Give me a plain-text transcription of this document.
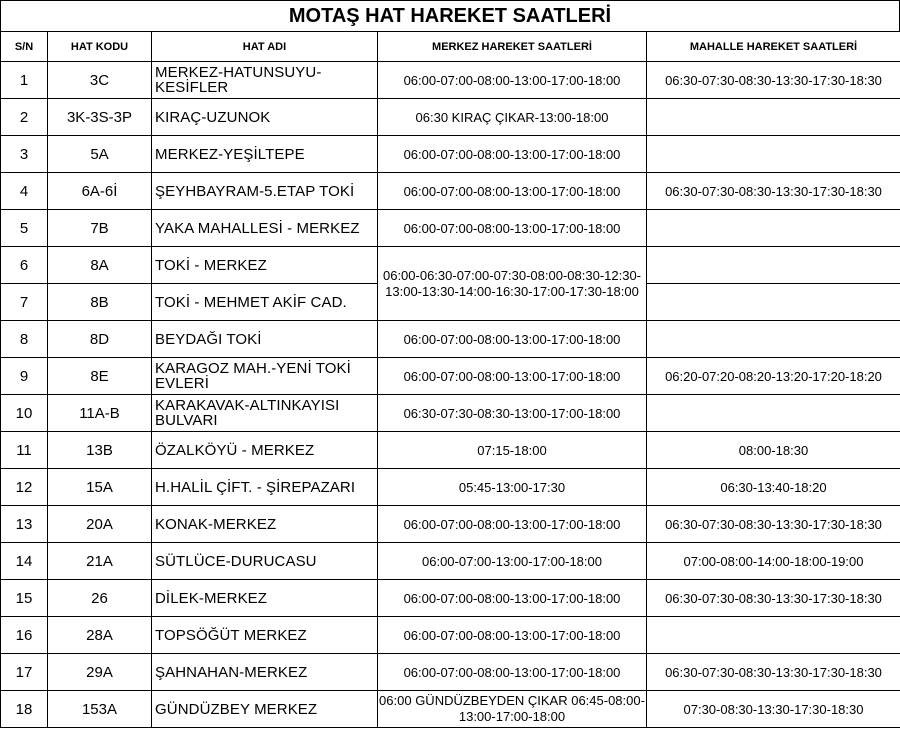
MOTAŞ HAT HAREKET SAATLERİ
S/N	HAT KODU	HAT ADI	MERKEZ HAREKET SAATLERİ	MAHALLE HAREKET SAATLERİ
1	3C	MERKEZ-HATUNSUYU-KESİFLER	06:00-07:00-08:00-13:00-17:00-18:00	06:30-07:30-08:30-13:30-17:30-18:30
2	3K-3S-3P	KIRAÇ-UZUNOK	06:30 KIRAÇ ÇIKAR-13:00-18:00	
3	5A	MERKEZ-YEŞİLTEPE	06:00-07:00-08:00-13:00-17:00-18:00	
4	6A-6İ	ŞEYHBAYRAM-5.ETAP TOKİ	06:00-07:00-08:00-13:00-17:00-18:00	06:30-07:30-08:30-13:30-17:30-18:30
5	7B	YAKA MAHALLESİ - MERKEZ	06:00-07:00-08:00-13:00-17:00-18:00	
6	8A	TOKİ - MERKEZ	06:00-06:30-07:00-07:30-08:00-08:30-12:30-13:00-13:30-14:00-16:30-17:00-17:30-18:00	
7	8B	TOKİ - MEHMET AKİF CAD.		
8	8D	BEYDAĞI TOKİ	06:00-07:00-08:00-13:00-17:00-18:00	
9	8E	KARAGOZ MAH.-YENİ TOKİ EVLERİ	06:00-07:00-08:00-13:00-17:00-18:00	06:20-07:20-08:20-13:20-17:20-18:20
10	11A-B	KARAKAVAK-ALTINKAYISI BULVARI	06:30-07:30-08:30-13:00-17:00-18:00	
11	13B	ÖZALKÖYÜ - MERKEZ	07:15-18:00	08:00-18:30
12	15A	H.HALİL ÇİFT. - ŞİREPAZARI	05:45-13:00-17:30	06:30-13:40-18:20
13	20A	KONAK-MERKEZ	06:00-07:00-08:00-13:00-17:00-18:00	06:30-07:30-08:30-13:30-17:30-18:30
14	21A	SÜTLÜCE-DURUCASU	06:00-07:00-13:00-17:00-18:00	07:00-08:00-14:00-18:00-19:00
15	26	DİLEK-MERKEZ	06:00-07:00-08:00-13:00-17:00-18:00	06:30-07:30-08:30-13:30-17:30-18:30
16	28A	TOPSÖĞÜT MERKEZ	06:00-07:00-08:00-13:00-17:00-18:00	
17	29A	ŞAHNAHAN-MERKEZ	06:00-07:00-08:00-13:00-17:00-18:00	06:30-07:30-08:30-13:30-17:30-18:30
18	153A	GÜNDÜZBEY MERKEZ	06:00 GÜNDÜZBEYDEN ÇIKAR 06:45-08:00-13:00-17:00-18:00	07:30-08:30-13:30-17:30-18:30
